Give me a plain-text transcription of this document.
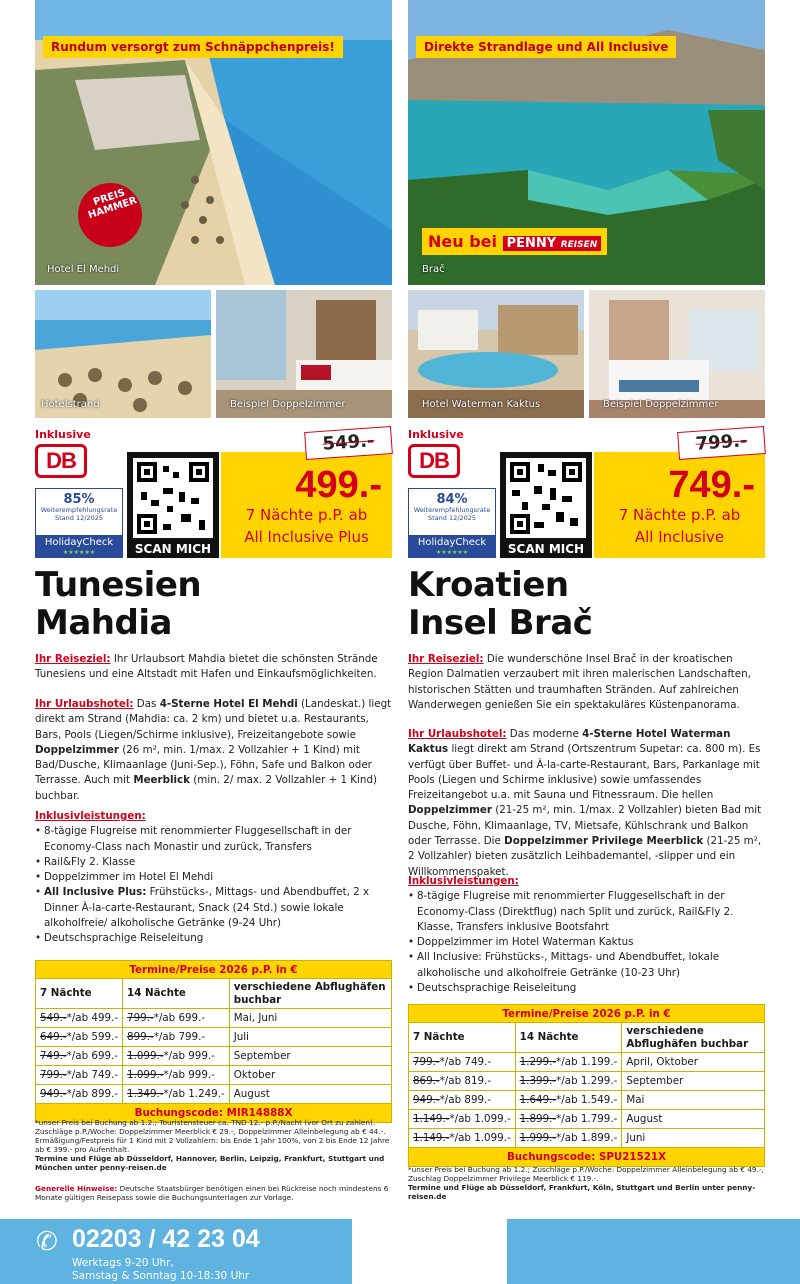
PREIS HAMMER
Rundum versorgt zum Schnäppchenpreis!
Hotel El Mehdi
Hotelstrand	Beispiel Doppelzimmer
Inklusive
DB
85%
Weiterempfehlungsrate
Stand 12/2025
HolidayCheck
★★★★★★	SCAN MICH
499.-
7 Nächte p.P. ab
All Inclusive Plus
549.-
Tunesien
Mahdia
Ihr Reiseziel: Ihr Urlaubsort Mahdia bietet die schönsten Strände Tunesiens und eine Altstadt mit Hafen und Einkaufsmöglichkeiten.
Ihr Urlaubshotel: Das 4-Sterne Hotel El Mehdi (Landeskat.) liegt direkt am Strand (Mahdia: ca. 2 km) und bietet u.a. Restaurants, Bars, Pools (Liegen/Schirme inklusive), Freizeitangebote sowie Doppelzimmer (26 m², min. 1/max. 2 Vollzahler + 1 Kind) mit Bad/Dusche, Klimaanlage (Juni-Sep.), Föhn, Safe und Balkon oder Terrasse. Auch mit Meerblick (min. 2/ max. 2 Vollzahler + 1 Kind) buchbar.
Inklusivleistungen:
• 8-tägige Flugreise mit renommierter Fluggesellschaft in der Economy-Class nach Monastir und zurück, Transfers
• Rail&Fly 2. Klasse
• Doppelzimmer im Hotel El Mehdi
• All Inclusive Plus: Frühstücks-, Mittags- und Abendbuffet, 2 x Dinner À-la-carte-Restaurant, Snack (24 Std.) sowie lokale alkoholfreie/ alkoholische Getränke (9-24 Uhr)
• Deutschsprachige Reiseleitung
Termine/Preise 2026 p.P. in €		
7 Nächte	14 Nächte	verschiedene Abflughäfen buchbar
549.-*/ab 499.-	799.-*/ab 699.-	Mai, Juni
649.-*/ab 599.-	899.-*/ab 799.-	Juli
749.-*/ab 699.-	1.099.-*/ab 999.-	September
799.-*/ab 749.-	1.099.-*/ab 999.-	Oktober
949.-*/ab 899.-	1.349.-*/ab 1.249.-	August
Buchungscode: MIR14888X		
*unser Preis bei Buchung ab 1.2.; Touristensteuer ca. TND 12.- p.P./Nacht (vor Ort zu zahlen). Zuschläge p.P./Woche: Doppelzimmer Meerblick € 29.-, Doppelzimmer Alleinbelegung ab € 44.-. Ermäßigung/Festpreis für 1 Kind mit 2 Vollzahlern: bis Ende 1 Jahr 100%, von 2 bis Ende 12 Jahre ab € 399.- pro Aufenthalt.
Termine und Flüge ab Düsseldorf, Hannover, Berlin, Leipzig, Frankfurt, Stuttgart und München unter penny-reisen.de
Generelle Hinweise: Deutsche Staatsbürger benötigen einen bei Rückreise noch mindestens 6 Monate gültigen Reisepass sowie die Buchungsunterlagen zur Vorlage.
Direkte Strandlage und All Inclusive
Neu bei PENNY REISEN
Brač
Hotel Waterman Kaktus	Beispiel Doppelzimmer
Inklusive
DB
84%
Weiterempfehlungsrate
Stand 12/2025
HolidayCheck
★★★★★★	SCAN MICH
749.-
7 Nächte p.P. ab
All Inclusive
799.-
Kroatien
Insel Brač
Ihr Reiseziel: Die wunderschöne Insel Brač in der kroatischen Region Dalmatien verzaubert mit ihren malerischen Landschaften, historischen Stätten und traumhaften Stränden. Auf zahlreichen Wanderwegen genießen Sie ein spektakuläres Küstenpanorama.
Ihr Urlaubshotel: Das moderne 4-Sterne Hotel Waterman Kaktus liegt direkt am Strand (Ortszentrum Supetar: ca. 800 m). Es verfügt über Buffet- und À-la-carte-Restaurant, Bars, Parkanlage mit Pools (Liegen und Schirme inklusive) sowie umfassendes Freizeitangebot u.a. mit Sauna und Fitnessraum. Die hellen Doppelzimmer (21-25 m², min. 1/max. 2 Vollzahler) bieten Bad mit Dusche, Föhn, Klimaanlage, TV, Mietsafe, Kühlschrank und Balkon oder Terrasse. Die Doppelzimmer Privilege Meerblick (21-25 m², 2 Vollzahler) bieten zusätzlich Leihbademantel, -slipper und ein Willkommenspaket.
Inklusivleistungen:
• 8-tägige Flugreise mit renommierter Fluggesellschaft in der Economy-Class (Direktflug) nach Split und zurück, Rail&Fly 2. Klasse, Transfers inklusive Bootsfahrt
• Doppelzimmer im Hotel Waterman Kaktus
• All Inclusive: Frühstücks-, Mittags- und Abendbuffet, lokale alkoholische und alkoholfreie Getränke (10-23 Uhr)
• Deutschsprachige Reiseleitung
Termine/Preise 2026 p.P. in €		
7 Nächte	14 Nächte	verschiedene Abflughäfen buchbar
799.-*/ab 749.-	1.299.-*/ab 1.199.-	April, Oktober
869.-*/ab 819.-	1.399.-*/ab 1.299.-	September
949.-*/ab 899.-	1.649.-*/ab 1.549.-	Mai
1.149.-*/ab 1.099.-	1.899.-*/ab 1.799.-	August
1.149.-*/ab 1.099.-	1.999.-*/ab 1.899.-	Juni
Buchungscode: SPU21521X		
*unser Preis bei Buchung ab 1.2.; Zuschläge p.P./Woche: Doppelzimmer Alleinbelegung ab € 49.-, Zuschlag Doppelzimmer Privilege Meerblick € 119.-.
Termine und Flüge ab Düsseldorf, Frankfurt, Köln, Stuttgart und Berlin unter penny-reisen.de
✆ 02203 / 42 23 04
Werktags 9-20 Uhr,
Samstag & Sonntag 10-18:30 Uhr
4
